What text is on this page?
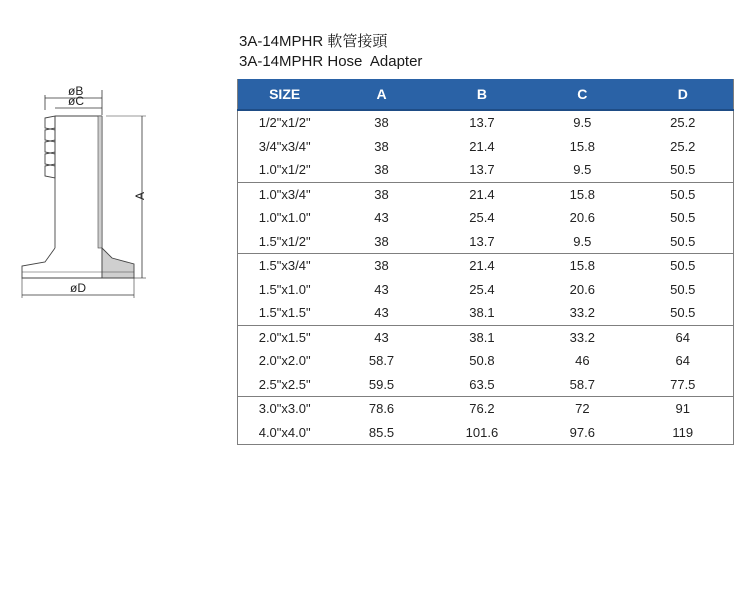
3A-14MPHR 軟管接頭
3A-14MPHR Hose  Adapter
øB
øC
A
øD
SIZE	A	B	C	D
1/2"x1/2"	38	13.7	9.5	25.2
3/4"x3/4"	38	21.4	15.8	25.2
1.0"x1/2"	38	13.7	9.5	50.5
1.0"x3/4"	38	21.4	15.8	50.5
1.0"x1.0"	43	25.4	20.6	50.5
1.5"x1/2"	38	13.7	9.5	50.5
1.5"x3/4"	38	21.4	15.8	50.5
1.5"x1.0"	43	25.4	20.6	50.5
1.5"x1.5"	43	38.1	33.2	50.5
2.0"x1.5"	43	38.1	33.2	64
2.0"x2.0"	58.7	50.8	46	64
2.5"x2.5"	59.5	63.5	58.7	77.5
3.0"x3.0"	78.6	76.2	72	91
4.0"x4.0"	85.5	101.6	97.6	119
